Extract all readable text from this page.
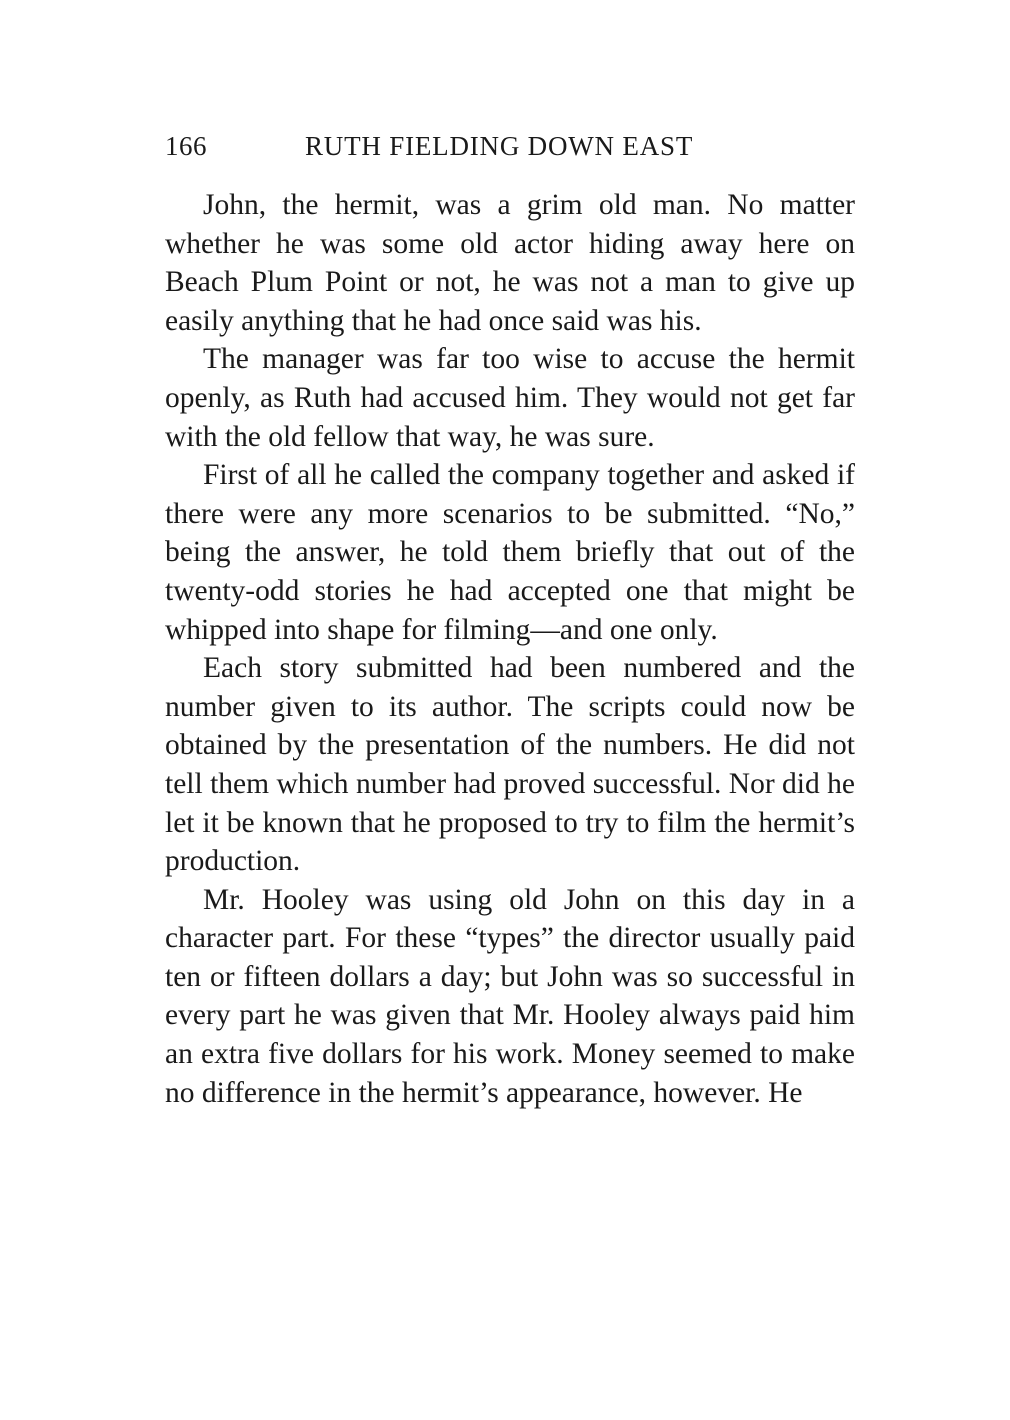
166	RUTH FIELDING DOWN EAST

John, the hermit, was a grim old man. No matter whether he was some old actor hiding away here on Beach Plum Point or not, he was not a man to give up easily anything that he had once said was his.

The manager was far too wise to accuse the hermit openly, as Ruth had accused him. They would not get far with the old fellow that way, he was sure.

First of all he called the company together and asked if there were any more scenarios to be submitted. “No,” being the answer, he told them briefly that out of the twenty-odd stories he had accepted one that might be whipped into shape for filming—and one only.

Each story submitted had been numbered and the number given to its author. The scripts could now be obtained by the presentation of the numbers. He did not tell them which number had proved successful. Nor did he let it be known that he proposed to try to film the hermit’s production.

Mr. Hooley was using old John on this day in a character part. For these “types” the director usually paid ten or fifteen dollars a day; but John was so successful in every part he was given that Mr. Hooley always paid him an extra five dollars for his work. Money seemed to make no difference in the hermit’s appearance, however. He
